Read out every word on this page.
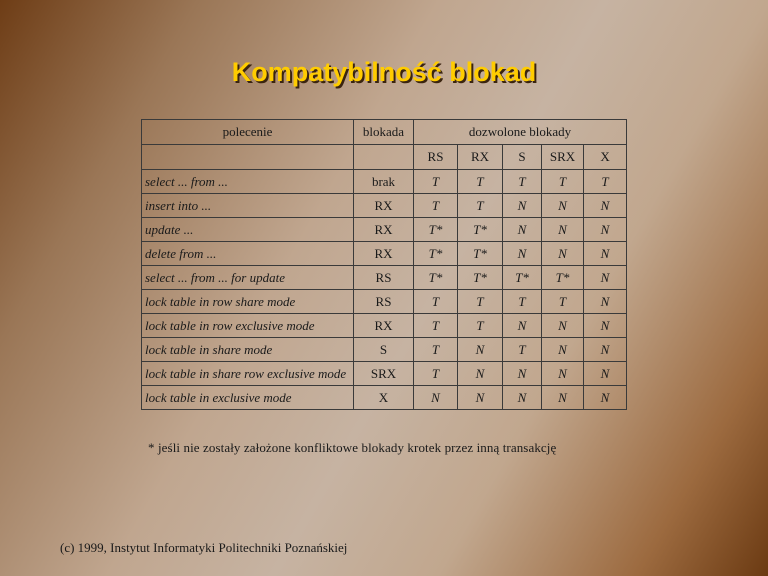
Kompatybilność blokad
polecenie	blokada	dozwolone blokady				
		RS	RX	S	SRX	X
select ... from ...	brak	T	T	T	T	T
insert into ...	RX	T	T	N	N	N
update ...	RX	T*	T*	N	N	N
delete from ...	RX	T*	T*	N	N	N
select ... from ... for update	RS	T*	T*	T*	T*	N
lock table in row share mode	RS	T	T	T	T	N
lock table in row exclusive mode	RX	T	T	N	N	N
lock table in share mode	S	T	N	T	N	N
lock table in share row exclusive mode	SRX	T	N	N	N	N
lock table in exclusive mode	X	N	N	N	N	N
* jeśli nie zostały założone konfliktowe blokady krotek przez inną transakcję
(c) 1999, Instytut Informatyki Politechniki Poznańskiej
